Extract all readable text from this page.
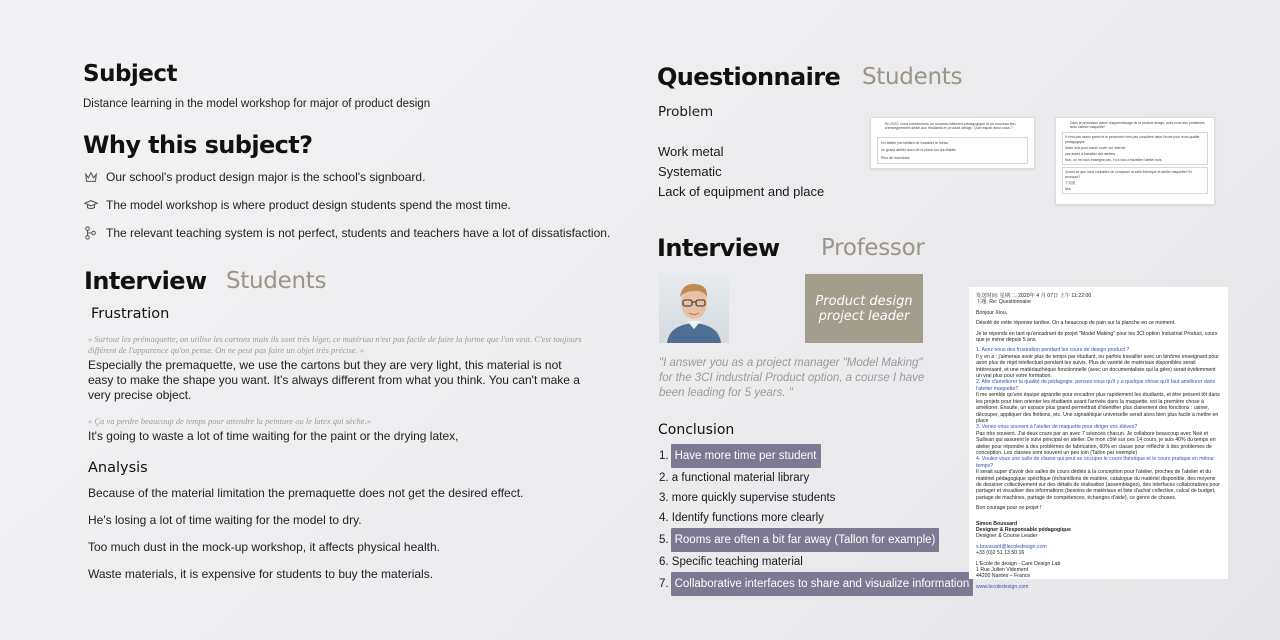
Subject
Distance learning in the model workshop for major of product design
Why this subject?
Our school's product design major is the school's signboard.
The model workshop is where product design students spend the most time.
The relevant teaching system is not perfect, students and teachers have a lot of dissatisfaction.
Interview Students
Frustration
« Surtout les prémaquette, on utilise les cartons mais ils sont très léger, ce matériau n'est pas facile de faire la forme que l'on veut. C'est toujours différent de l'apparence qu'on pense. On ne peut pas faire un objet très précise. »
Especially the premaquette, we use the cartons but they are very light, this material is not easy to make the shape you want. It's always different from what you think. You can't make a very precise object.
« Ça va perdre beaucoup de temps pour attendre la peinture ou le latex qui sèche.»
It's going to waste a lot of time waiting for the paint or the drying latex,
Analysis
Because of the material limitation the premaquette does not get the desired effect.
He's losing a lot of time waiting for the model to dry.
Too much dust in the mock-up workshop, it affects physical health.
Waste materials, it is expensive for students to buy the materials.
Questionnaire Students
Problem
Work metal
Systematic
Lack of equipment and place
En 2022, nous construirons un nouveau bâtiment pédagogique et un nouveau lieu d'enseignement dédié aux étudiants en product design. Quel espoir avez-vous ?
Un atelier permettant de travailler le métal
un grand atelier avec de la place sur les établis
Plus de machines
Dans le processus actuel d'apprentissage de la product design, avez-vous des problèmes avec l'atelier maquette?
Il n'est pas assez grand et le personnel n'est pas considéré dans l'école pour leurs qualité pédagogique
Notre avis pour savoir ouvrir sur internet
pas assez à travailler des ateliers
Non, on ne nous enseigne pas, il y'a tout à travailler l'atelier bois
Qu'est-ce que vous souhaitez de composer la salle théorique et atelier maquette? Et pourquoi?
不知道
Non
Interview Professor
Product design project leader
"I answer you as a project manager "Model Making" for the 3CI industrial Product option, a course I have been leading for 5 years. "
Conclusion
1. Have more time per student
2.
a functional material library
3.
more quickly supervise students
4.
Identify functions more clearly
5. Rooms are often a bit far away (Tallon for example)
6.
Specific teaching material
7. Collaborative interfaces to share and visualize information
发送时间: 星期二, 2020年 4 月 07日 上午 11:22:00

主题: Re: Questionnaire

Bonjour Xiou,

Désolé de cette réponse tardive. On a beaucoup de pain sur la planche en ce moment.

Je te réponds en tant qu'encadrant de projet "Model Making" pour les 3CI option Industrial Product, cours que je mène depuis 5 ans.

1. Avez-vous des frustration pendant les cours de design product ?
Il y en a : j'aimerais avoir plus de temps par étudiant, ou parfois travailler avec un binôme enseignant pour avoir plus de répit intellectuel pendant les suivis. Plus de variété de matériaux disponibles serait intéressant, et une matériauthèque fonctionnelle (avec un documentaliste qui la gère) serait évidemment un vrai plus pour votre formation.
2. Afin d'améliorer la qualité de pédagogie, pensez-vous qu'il y a quelque chose qu'il faut améliorer dans l'atelier maquette?
Il me semble qu'une équipe agrandie pour encadrer plus rapidement les étudiants, et être présent tôt dans les projets pour bien orienter les étudiants avant l'arrivée dans la maquette, est la première chose à améliorer. Ensuite, un espace plus grand permettrait d'identifier plus clairement des fonctions : usiner, découper, appliquer des finitions, etc. Une signalétique universelle serait alors bien plus facile à mettre en place
3. Venez-vous souvent à l'atelier de maquette pour diriger vos élèves?
Pas très souvent. J'ai deux cours par an avec 7 séances chacun. Je collabore beaucoup avec Noé et Sullivan qui assurent le suivi principal en atelier. De mon côté sur ces 14 cours, je suis 40% du temps en atelier pour répondre à des problèmes de fabrication, 60% en classe pour réfléchir à des problèmes de conception. Les classes sont souvent un peu loin (Tallon par exemple)
4. Voulez-vous une salle de classe qui peut se occuper le cours théorique et le cours pratique en même temps?

Il serait super d'avoir des salles de cours dédiés à la conception pour l'atelier, proches de l'atelier et du matériel pédagogique spécifique (échantillons de matière, catalogue du matériel disponible, des moyens de dessiner collectivement sur des détails de réalisation (assemblages), des interfaces collaboratives pour partager et visualiser des informations (besoins de matériaux et liste d'achat collective, calcul de budget, partage de machines, partage de compétences, échanges d'aide), ce genre de choses.

Bon courage pour ce projet !

Simon Boussard
Designer & Responsable pédagogique

Designer & Course Leader

s.boussard@lecoledesign.com

+33 (0)2 51 13 50 16

L'Ecole de design - Care Design Lab
1 Rue Julien Videment

44200 Nantes – France

www.lecoledesign.com
